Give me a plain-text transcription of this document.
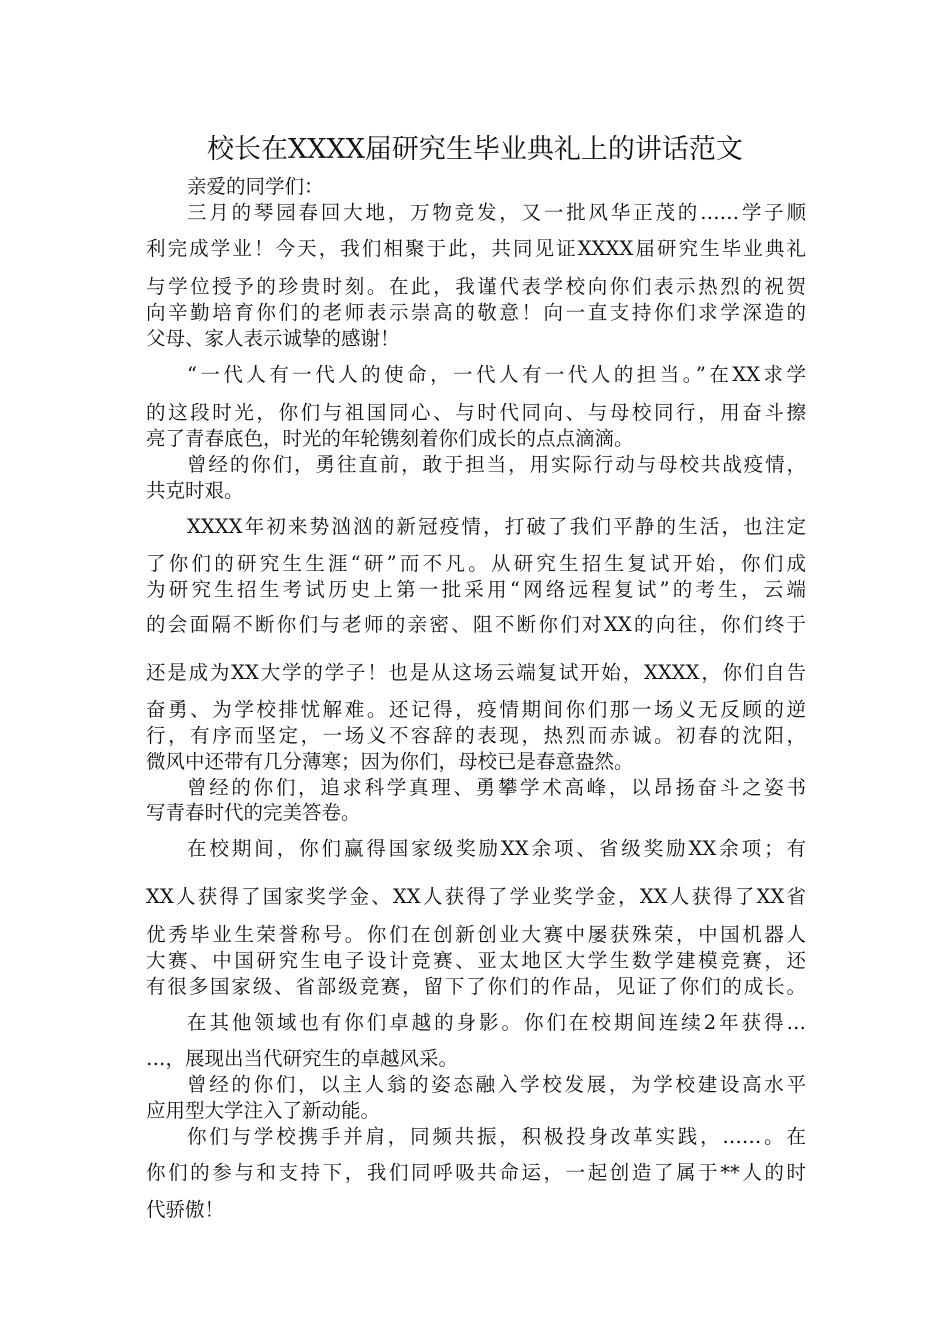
校长在XXXX届研究生毕业典礼上的讲话范文

亲爱的同学们：

三月的琴园春回大地，万物竞发，又一批风华正茂的……学子顺

利完成学业！今天，我们相聚于此，共同见证XXXX届研究生毕业典礼

与学位授予的珍贵时刻。在此，我谨代表学校向你们表示热烈的祝贺

向辛勤培育你们的老师表示崇高的敬意！向一直支持你们求学深造的

父母、家人表示诚挚的感谢！

“一代人有一代人的使命，一代人有一代人的担当。”在XX求学

的这段时光，你们与祖国同心、与时代同向、与母校同行，用奋斗擦

亮了青春底色，时光的年轮镌刻着你们成长的点点滴滴。

曾经的你们，勇往直前，敢于担当，用实际行动与母校共战疫情，

共克时艰。

XXXX年初来势汹汹的新冠疫情，打破了我们平静的生活，也注定

了你们的研究生生涯“研”而不凡。从研究生招生复试开始，你们成

为研究生招生考试历史上第一批采用“网络远程复试”的考生，云端

的会面隔不断你们与老师的亲密、阻不断你们对XX的向往，你们终于

还是成为XX大学的学子！也是从这场云端复试开始，XXXX，你们自告

奋勇、为学校排忧解难。还记得，疫情期间你们那一场义无反顾的逆

行，有序而坚定，一场义不容辞的表现，热烈而赤诚。初春的沈阳，

微风中还带有几分薄寒；因为你们，母校已是春意盎然。

曾经的你们，追求科学真理、勇攀学术高峰，以昂扬奋斗之姿书

写青春时代的完美答卷。

在校期间，你们赢得国家级奖励XX余项、省级奖励XX余项；有

XX人获得了国家奖学金、XX人获得了学业奖学金，XX人获得了XX省

优秀毕业生荣誉称号。你们在创新创业大赛中屡获殊荣，中国机器人

大赛、中国研究生电子设计竞赛、亚太地区大学生数学建模竞赛，还

有很多国家级、省部级竞赛，留下了你们的作品，见证了你们的成长。

在其他领域也有你们卓越的身影。你们在校期间连续2年获得…

…，展现出当代研究生的卓越风采。

曾经的你们，以主人翁的姿态融入学校发展，为学校建设高水平

应用型大学注入了新动能。

你们与学校携手并肩，同频共振，积极投身改革实践，……。在

你们的参与和支持下，我们同呼吸共命运，一起创造了属于**人的时

代骄傲！
